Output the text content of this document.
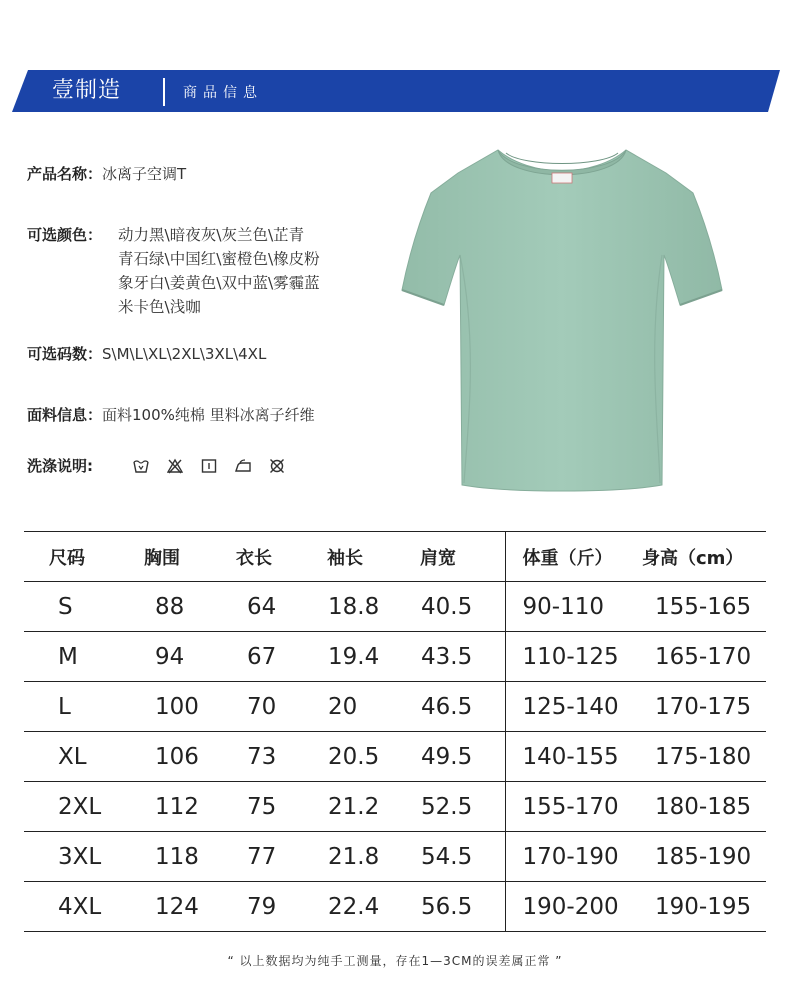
壹制造	商品信息
产品名称：冰离子空调T
可选颜色： 动力黑\暗夜灰\灰兰色\芷青
青石绿\中国红\蜜橙色\橡皮粉
象牙白\姜黄色\双中蓝\雾霾蓝
米卡色\浅咖
可选码数：S\M\L\XL\2XL\3XL\4XL
面料信息：面料100%纯棉 里料冰离子纤维
洗涤说明:
尺码	胸围	衣长	袖长	肩宽	体重（斤）	身高（cm）
S	88	64	18.8	40.5	90-110	155-165
M	94	67	19.4	43.5	110-125	165-170
L	100	70	20	46.5	125-140	170-175
XL	106	73	20.5	49.5	140-155	175-180
2XL	112	75	21.2	52.5	155-170	180-185
3XL	118	77	21.8	54.5	170-190	185-190
4XL	124	79	22.4	56.5	190-200	190-195
“ 以上数据均为纯手工测量，存在1—3CM的误差属正常 ”
